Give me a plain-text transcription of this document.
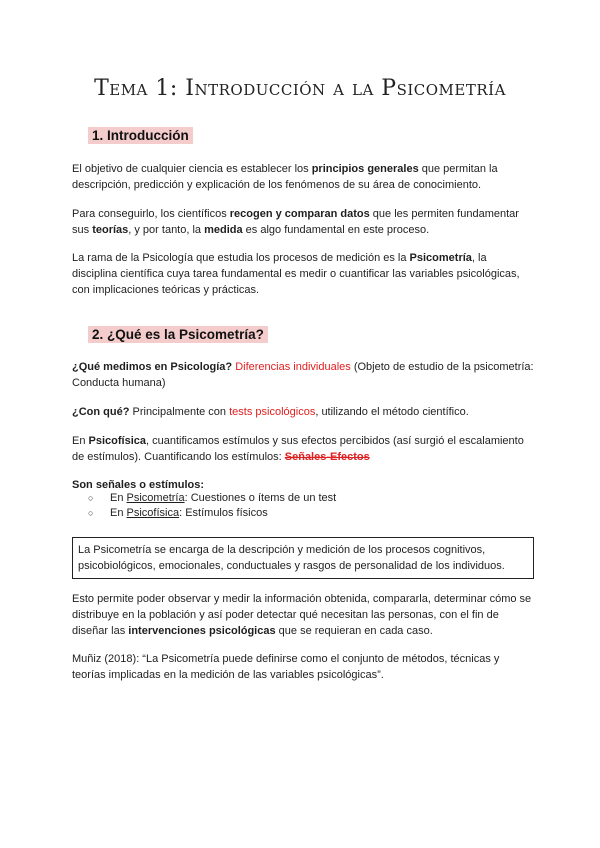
Tema 1: Introducción a la Psicometría
1. Introducción
El objetivo de cualquier ciencia es establecer los principios generales que permitan la descripción, predicción y explicación de los fenómenos de su área de conocimiento.
Para conseguirlo, los científicos recogen y comparan datos que les permiten fundamentar sus teorías, y por tanto, la medida es algo fundamental en este proceso.
La rama de la Psicología que estudia los procesos de medición es la Psicometría, la disciplina científica cuya tarea fundamental es medir o cuantificar las variables psicológicas, con implicaciones teóricas y prácticas.
2. ¿Qué es la Psicometría?
¿Qué medimos en Psicología? Diferencias individuales (Objeto de estudio de la psicometría: Conducta humana)
¿Con qué? Principalmente con tests psicológicos, utilizando el método científico.
En Psicofísica, cuantificamos estímulos y sus efectos percibidos (así surgió el escalamiento de estímulos). Cuantificando los estímulos: Señales-Efectos
Son señales o estímulos:
○ En Psicometría: Cuestiones o ítems de un test
○ En Psicofísica: Estímulos físicos
La Psicometría se encarga de la descripción y medición de los procesos cognitivos, psicobiológicos, emocionales, conductuales y rasgos de personalidad de los individuos.
Esto permite poder observar y medir la información obtenida, compararla, determinar cómo se distribuye en la población y así poder detectar qué necesitan las personas, con el fin de diseñar las intervenciones psicológicas que se requieran en cada caso.
Muñiz (2018): “La Psicometría puede definirse como el conjunto de métodos, técnicas y teorías implicadas en la medición de las variables psicológicas”.
